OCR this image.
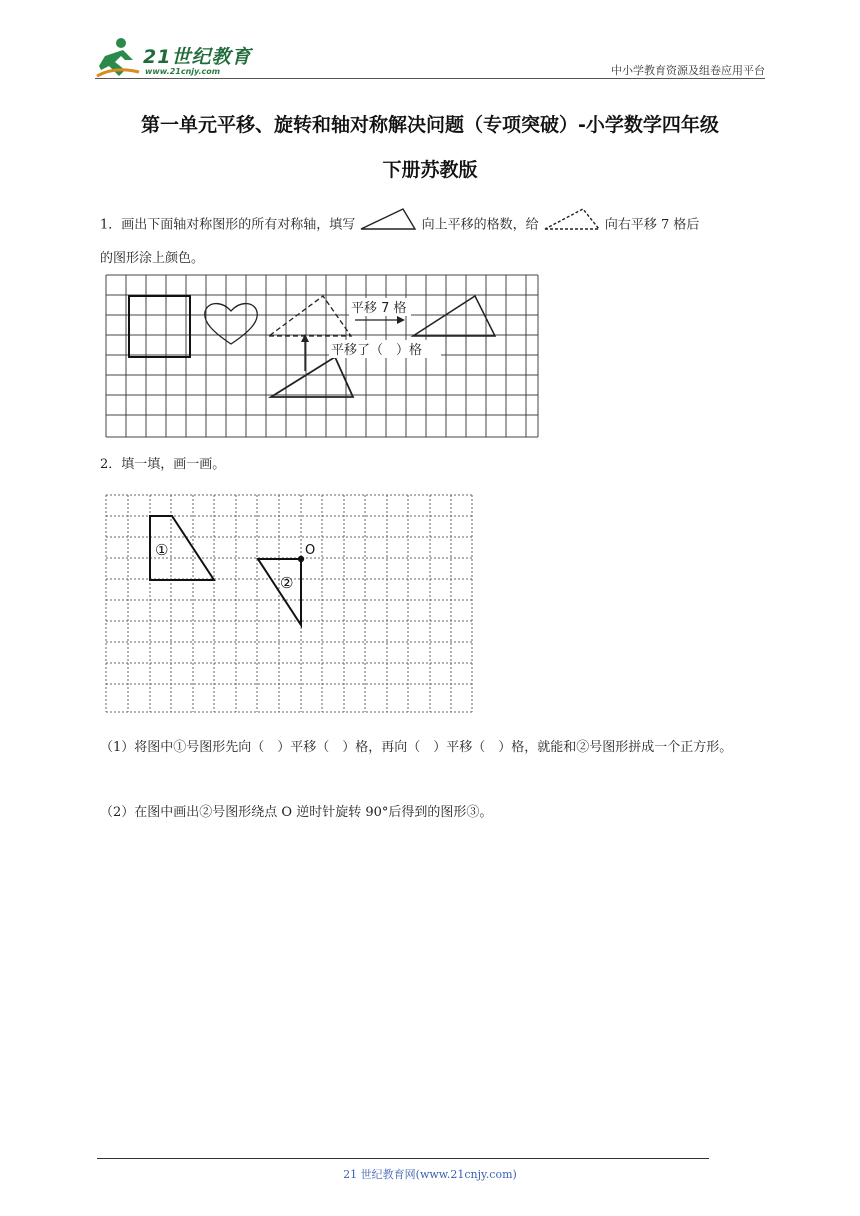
21世纪教育
www.21cnjy.com	中小学教育资源及组卷应用平台
第一单元平移、旋转和轴对称解决问题（专项突破）-小学数学四年级
下册苏教版
1．画出下面轴对称图形的所有对称轴，填写	向上平移的格数，给	向右平移 7 格后
的图形涂上颜色。
平移 7 格
平移了（　）格
2．填一填，画一画。
①
②
O
（1）将图中①号图形先向（　）平移（　）格，再向（　）平移（　）格，就能和②号图形拼成一个正方形。
（2）在图中画出②号图形绕点 O 逆时针旋转 90°后得到的图形③。
21 世纪教育网(www.21cnjy.com)
